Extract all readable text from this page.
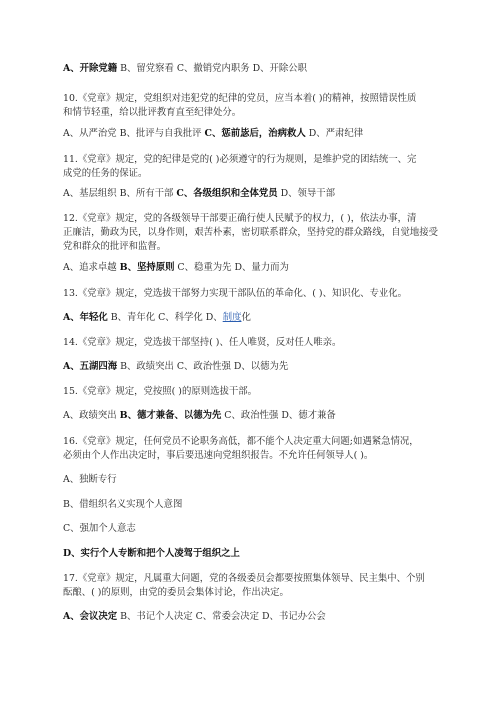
A、开除党籍 B、留党察看 C、撤销党内职务 D、开除公职
10.《党章》规定，党组织对违犯党的纪律的党员，应当本着( )的精神，按照错误性质
和情节轻重，给以批评教育直至纪律处分。
A、从严治党 B、批评与自我批评 C、惩前毖后，治病救人 D、严肃纪律
11.《党章》规定，党的纪律是党的( )必须遵守的行为规则，是维护党的团结统一、完
成党的任务的保证。
A、基层组织 B、所有干部 C、各级组织和全体党员 D、领导干部
12.《党章》规定，党的各级领导干部要正确行使人民赋予的权力，( )，依法办事，清
正廉洁，勤政为民，以身作则，艰苦朴素，密切联系群众，坚持党的群众路线，自觉地接受
党和群众的批评和监督。
A、追求卓越 B、坚持原则 C、稳重为先 D、量力而为
13.《党章》规定，党选拔干部努力实现干部队伍的革命化、( )、知识化、专业化。
A、年轻化 B、青年化 C、科学化 D、制度化
14.《党章》规定，党选拔干部坚持( )、任人唯贤，反对任人唯亲。
A、五湖四海 B、政绩突出 C、政治性强 D、以德为先
15.《党章》规定，党按照( )的原则选拔干部。
A、政绩突出 B、德才兼备、以德为先 C、政治性强 D、德才兼备
16.《党章》规定，任何党员不论职务高低，都不能个人决定重大问题;如遇紧急情况，
必须由个人作出决定时，事后要迅速向党组织报告。不允许任何领导人( )。
A、独断专行
B、借组织名义实现个人意图
C、强加个人意志
D、实行个人专断和把个人凌驾于组织之上
17.《党章》规定，凡属重大问题，党的各级委员会都要按照集体领导、民主集中、个别
酝酿、( )的原则，由党的委员会集体讨论，作出决定。
A、会议决定 B、书记个人决定 C、常委会决定 D、书记办公会
